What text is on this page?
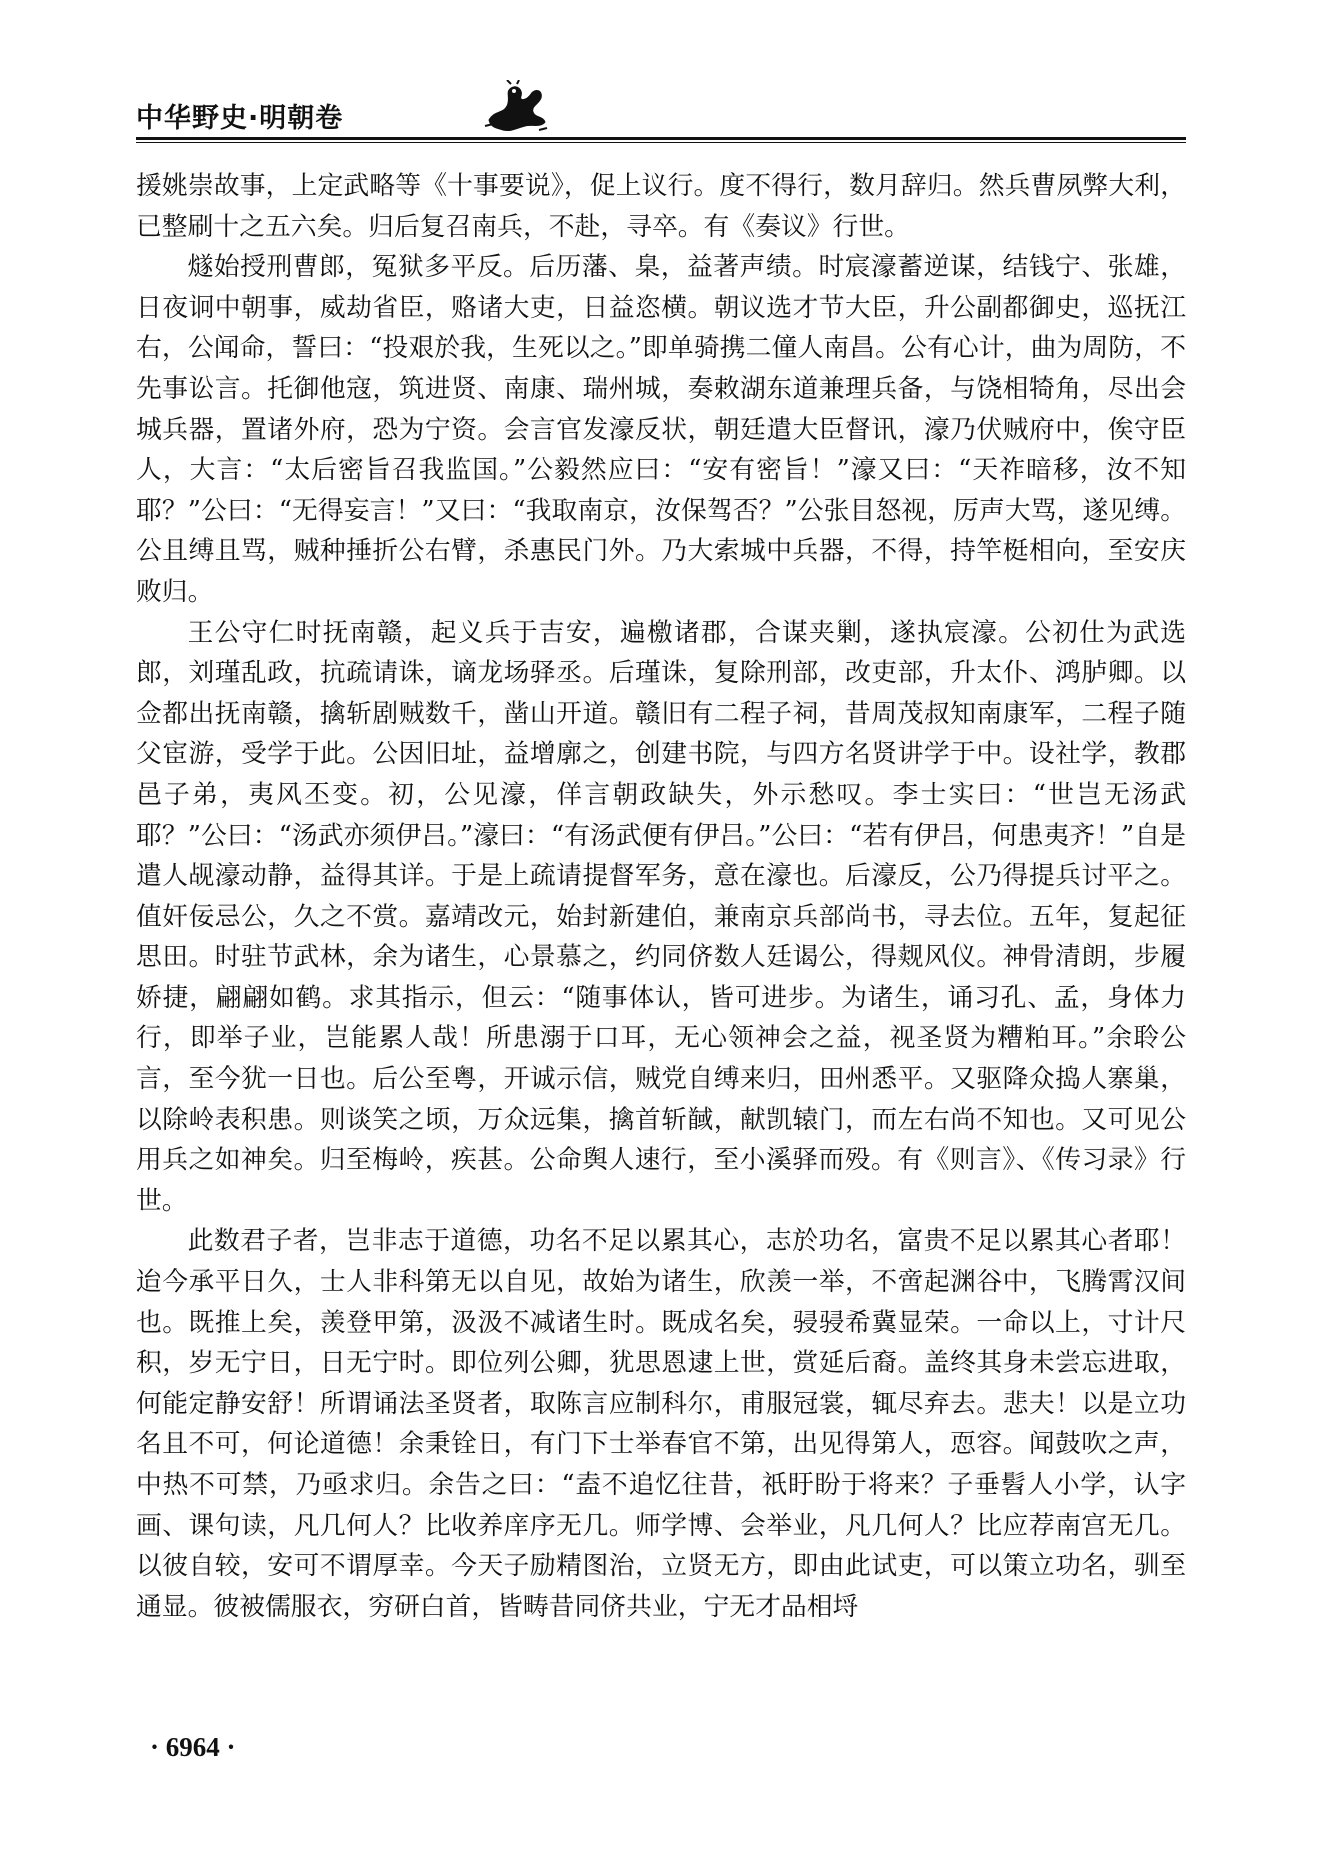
中华野史·明朝卷

援姚崇故事，上定武略等《十事要说》，促上议行。度不得行，数月辞归。然兵曹夙弊大利，已整刷十之五六矣。归后复召南兵，不赴，寻卒。有《奏议》行世。

燧始授刑曹郎，冤狱多平反。后历藩、臬，益著声绩。时宸濠蓄逆谋，结钱宁、张雄，日夜诇中朝事，威劫省臣，赂诸大吏，日益恣横。朝议选才节大臣，升公副都御史，巡抚江右，公闻命，誓曰：“投艰於我，生死以之。”即单骑携二僮人南昌。公有心计，曲为周防，不先事讼言。托御他寇，筑进贤、南康、瑞州城，奏敕湖东道兼理兵备，与饶相犄角，尽出会城兵器，置诸外府，恐为宁资。会言官发濠反状，朝廷遣大臣督讯，濠乃伏贼府中，俟守臣人，大言：“太后密旨召我监国。”公毅然应曰：“安有密旨！”濠又曰：“天祚暗移，汝不知耶？”公曰：“无得妄言！”又曰：“我取南京，汝保驾否？”公张目怒视，厉声大骂，遂见缚。公且缚且骂，贼种捶折公右臂，杀惠民门外。乃大索城中兵器，不得，持竿梃相向，至安庆败归。

王公守仁时抚南赣，起义兵于吉安，遍檄诸郡，合谋夹剿，遂执宸濠。公初仕为武选郎，刘瑾乱政，抗疏请诛，谪龙场驿丞。后瑾诛，复除刑部，改吏部，升太仆、鸿胪卿。以佥都出抚南赣，擒斩剧贼数千，凿山开道。赣旧有二程子祠，昔周茂叔知南康军，二程子随父宦游，受学于此。公因旧址，益增廓之，创建书院，与四方名贤讲学于中。设社学，教郡邑子弟，夷风丕变。初，公见濠，佯言朝政缺失，外示愁叹。李士实曰：“世岂无汤武耶？”公曰：“汤武亦须伊吕。”濠曰：“有汤武便有伊吕。”公曰：“若有伊吕，何患夷齐！”自是遣人觇濠动静，益得其详。于是上疏请提督军务，意在濠也。后濠反，公乃得提兵讨平之。值奸佞忌公，久之不赏。嘉靖改元，始封新建伯，兼南京兵部尚书，寻去位。五年，复起征思田。时驻节武林，余为诸生，心景慕之，约同侪数人廷谒公，得觌风仪。神骨清朗，步履娇捷，翩翩如鹤。求其指示，但云：“随事体认，皆可进步。为诸生，诵习孔、孟，身体力行，即举子业，岂能累人哉！所患溺于口耳，无心领神会之益，视圣贤为糟粕耳。”余聆公言，至今犹一日也。后公至粤，开诚示信，贼党自缚来归，田州悉平。又驱降众捣人寨巢，以除岭表积患。则谈笑之顷，万众远集，擒首斩馘，献凯辕门，而左右尚不知也。又可见公用兵之如神矣。归至梅岭，疾甚。公命舆人速行，至小溪驿而殁。有《则言》、《传习录》行世。

此数君子者，岂非志于道德，功名不足以累其心，志於功名，富贵不足以累其心者耶！迨今承平日久，士人非科第无以自见，故始为诸生，欣羡一举，不啻起渊谷中，飞腾霄汉间也。既推上矣，羡登甲第，汲汲不减诸生时。既成名矣，骎骎希冀显荣。一命以上，寸计尺积，岁无宁日，日无宁时。即位列公卿，犹思恩逮上世，赏延后裔。盖终其身未尝忘进取，何能定静安舒！所谓诵法圣贤者，取陈言应制科尔，甫服冠裳，辄尽弃去。悲夫！以是立功名且不可，何论道德！余秉铨日，有门下士举春官不第，出见得第人，恧容。闻鼓吹之声，中热不可禁，乃亟求归。余告之曰：“盍不追忆往昔，祇盱盼于将来？子垂髫人小学，认字画、课句读，凡几何人？比收养庠序无几。师学博、会举业，凡几何人？比应荐南宫无几。以彼自较，安可不谓厚幸。今天子励精图治，立贤无方，即由此试吏，可以策立功名，驯至通显。彼被儒服衣，穷研白首，皆畴昔同侪共业，宁无才品相埒

· 6964 ·
